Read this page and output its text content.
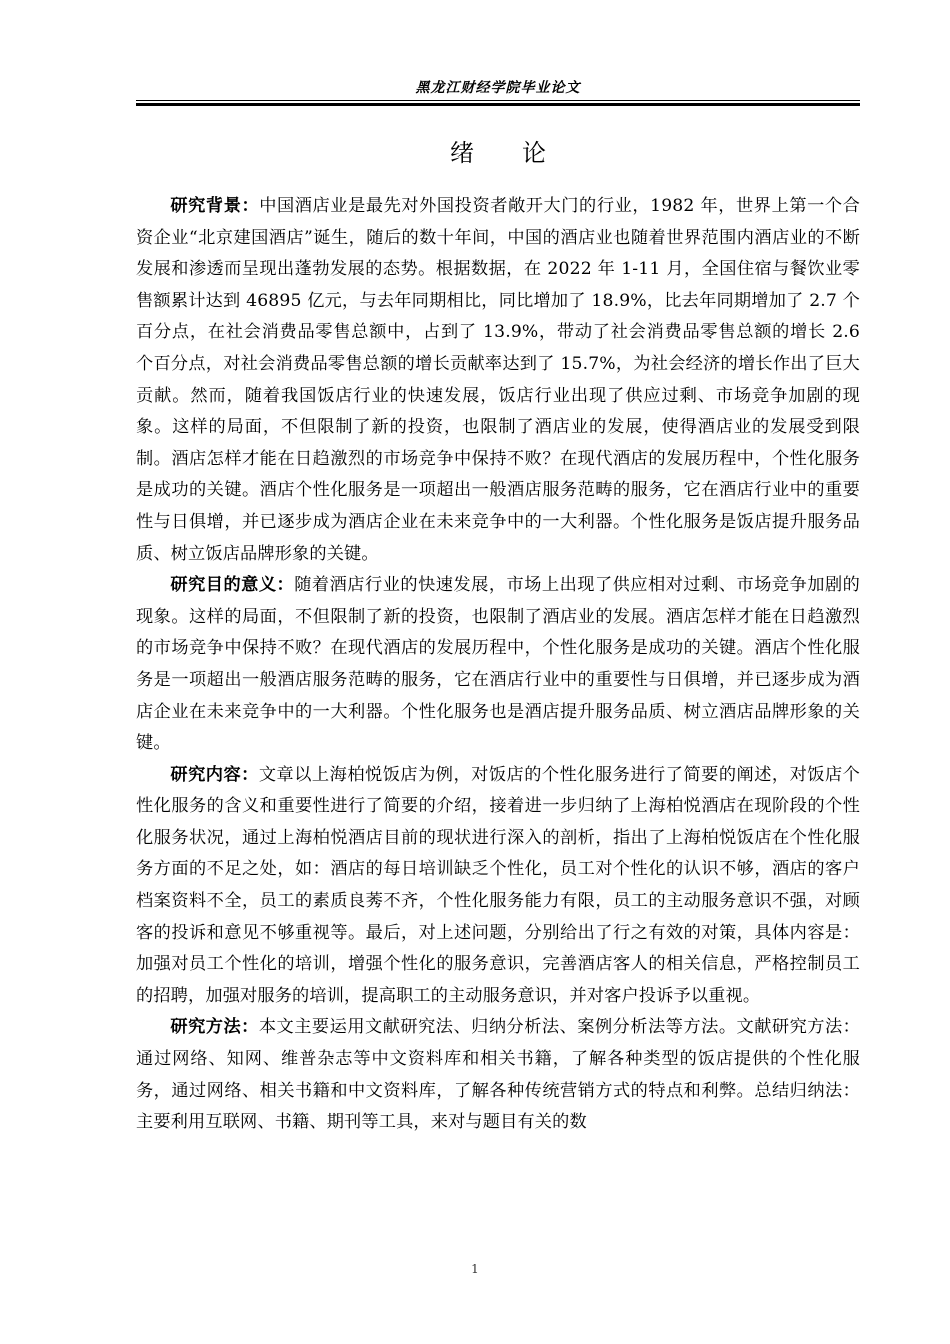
黑龙江财经学院毕业论文
绪 论

研究背景：中国酒店业是最先对外国投资者敞开大门的行业，1982 年，世界上第一个合资企业“北京建国酒店”诞生，随后的数十年间，中国的酒店业也随着世界范围内酒店业的不断发展和渗透而呈现出蓬勃发展的态势。根据数据，在 2022 年 1-11 月，全国住宿与餐饮业零售额累计达到 46895 亿元，与去年同期相比，同比增加了 18.9%，比去年同期增加了 2.7 个百分点，在社会消费品零售总额中，占到了 13.9%，带动了社会消费品零售总额的增长 2.6 个百分点，对社会消费品零售总额的增长贡献率达到了 15.7%，为社会经济的增长作出了巨大贡献。然而，随着我国饭店行业的快速发展，饭店行业出现了供应过剩、市场竞争加剧的现象。这样的局面，不但限制了新的投资，也限制了酒店业的发展，使得酒店业的发展受到限制。酒店怎样才能在日趋激烈的市场竞争中保持不败？在现代酒店的发展历程中，个性化服务是成功的关键。酒店个性化服务是一项超出一般酒店服务范畴的服务，它在酒店行业中的重要性与日俱增，并已逐步成为酒店企业在未来竞争中的一大利器。个性化服务是饭店提升服务品质、树立饭店品牌形象的关键。

研究目的意义：随着酒店行业的快速发展，市场上出现了供应相对过剩、市场竞争加剧的现象。这样的局面，不但限制了新的投资，也限制了酒店业的发展。酒店怎样才能在日趋激烈的市场竞争中保持不败？在现代酒店的发展历程中，个性化服务是成功的关键。酒店个性化服务是一项超出一般酒店服务范畴的服务，它在酒店行业中的重要性与日俱增，并已逐步成为酒店企业在未来竞争中的一大利器。个性化服务也是酒店提升服务品质、树立酒店品牌形象的关键。

研究内容：文章以上海柏悦饭店为例，对饭店的个性化服务进行了简要的阐述，对饭店个性化服务的含义和重要性进行了简要的介绍，接着进一步归纳了上海柏悦酒店在现阶段的个性化服务状况，通过上海柏悦酒店目前的现状进行深入的剖析，指出了上海柏悦饭店在个性化服务方面的不足之处，如：酒店的每日培训缺乏个性化，员工对个性化的认识不够，酒店的客户档案资料不全，员工的素质良莠不齐，个性化服务能力有限，员工的主动服务意识不强，对顾客的投诉和意见不够重视等。最后，对上述问题，分别给出了行之有效的对策，具体内容是：加强对员工个性化的培训，增强个性化的服务意识，完善酒店客人的相关信息，严格控制员工的招聘，加强对服务的培训，提高职工的主动服务意识，并对客户投诉予以重视。

研究方法：本文主要运用文献研究法、归纳分析法、案例分析法等方法。文献研究方法：通过网络、知网、维普杂志等中文资料库和相关书籍，了解各种类型的饭店提供的个性化服务，通过网络、相关书籍和中文资料库，了解各种传统营销方式的特点和利弊。总结归纳法：主要利用互联网、书籍、期刊等工具，来对与题目有关的数

1
